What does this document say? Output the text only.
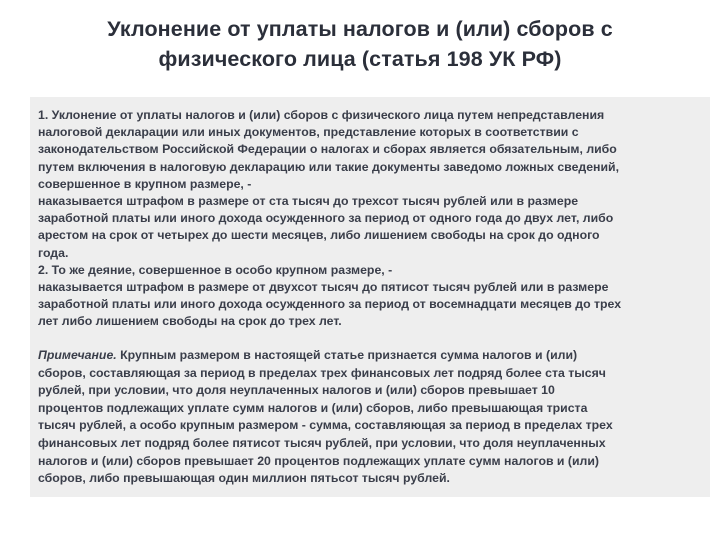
Уклонение от уплаты налогов и (или) сборов с
физического лица (статья 198 УК РФ)
1. Уклонение от уплаты налогов и (или) сборов с физического лица путем непредставления
налоговой декларации или иных документов, представление которых в соответствии с
законодательством Российской Федерации о налогах и сборах является обязательным, либо
путем включения в налоговую декларацию или такие документы заведомо ложных сведений,
совершенное в крупном размере, -
наказывается штрафом в размере от ста тысяч до трехсот тысяч рублей или в размере
заработной платы или иного дохода осужденного за период от одного года до двух лет, либо
арестом на срок от четырех до шести месяцев, либо лишением свободы на срок до одного
года.
2. То же деяние, совершенное в особо крупном размере, -
наказывается штрафом в размере от двухсот тысяч до пятисот тысяч рублей или в размере
заработной платы или иного дохода осужденного за период от восемнадцати месяцев до трех
лет либо лишением свободы на срок до трех лет.
Примечание. Крупным размером в настоящей статье признается сумма налогов и (или)
сборов, составляющая за период в пределах трех финансовых лет подряд более ста тысяч
рублей, при условии, что доля неуплаченных налогов и (или) сборов превышает 10
процентов подлежащих уплате сумм налогов и (или) сборов, либо превышающая триста
тысяч рублей, а особо крупным размером - сумма, составляющая за период в пределах трех
финансовых лет подряд более пятисот тысяч рублей, при условии, что доля неуплаченных
налогов и (или) сборов превышает 20 процентов подлежащих уплате сумм налогов и (или)
сборов, либо превышающая один миллион пятьсот тысяч рублей.
